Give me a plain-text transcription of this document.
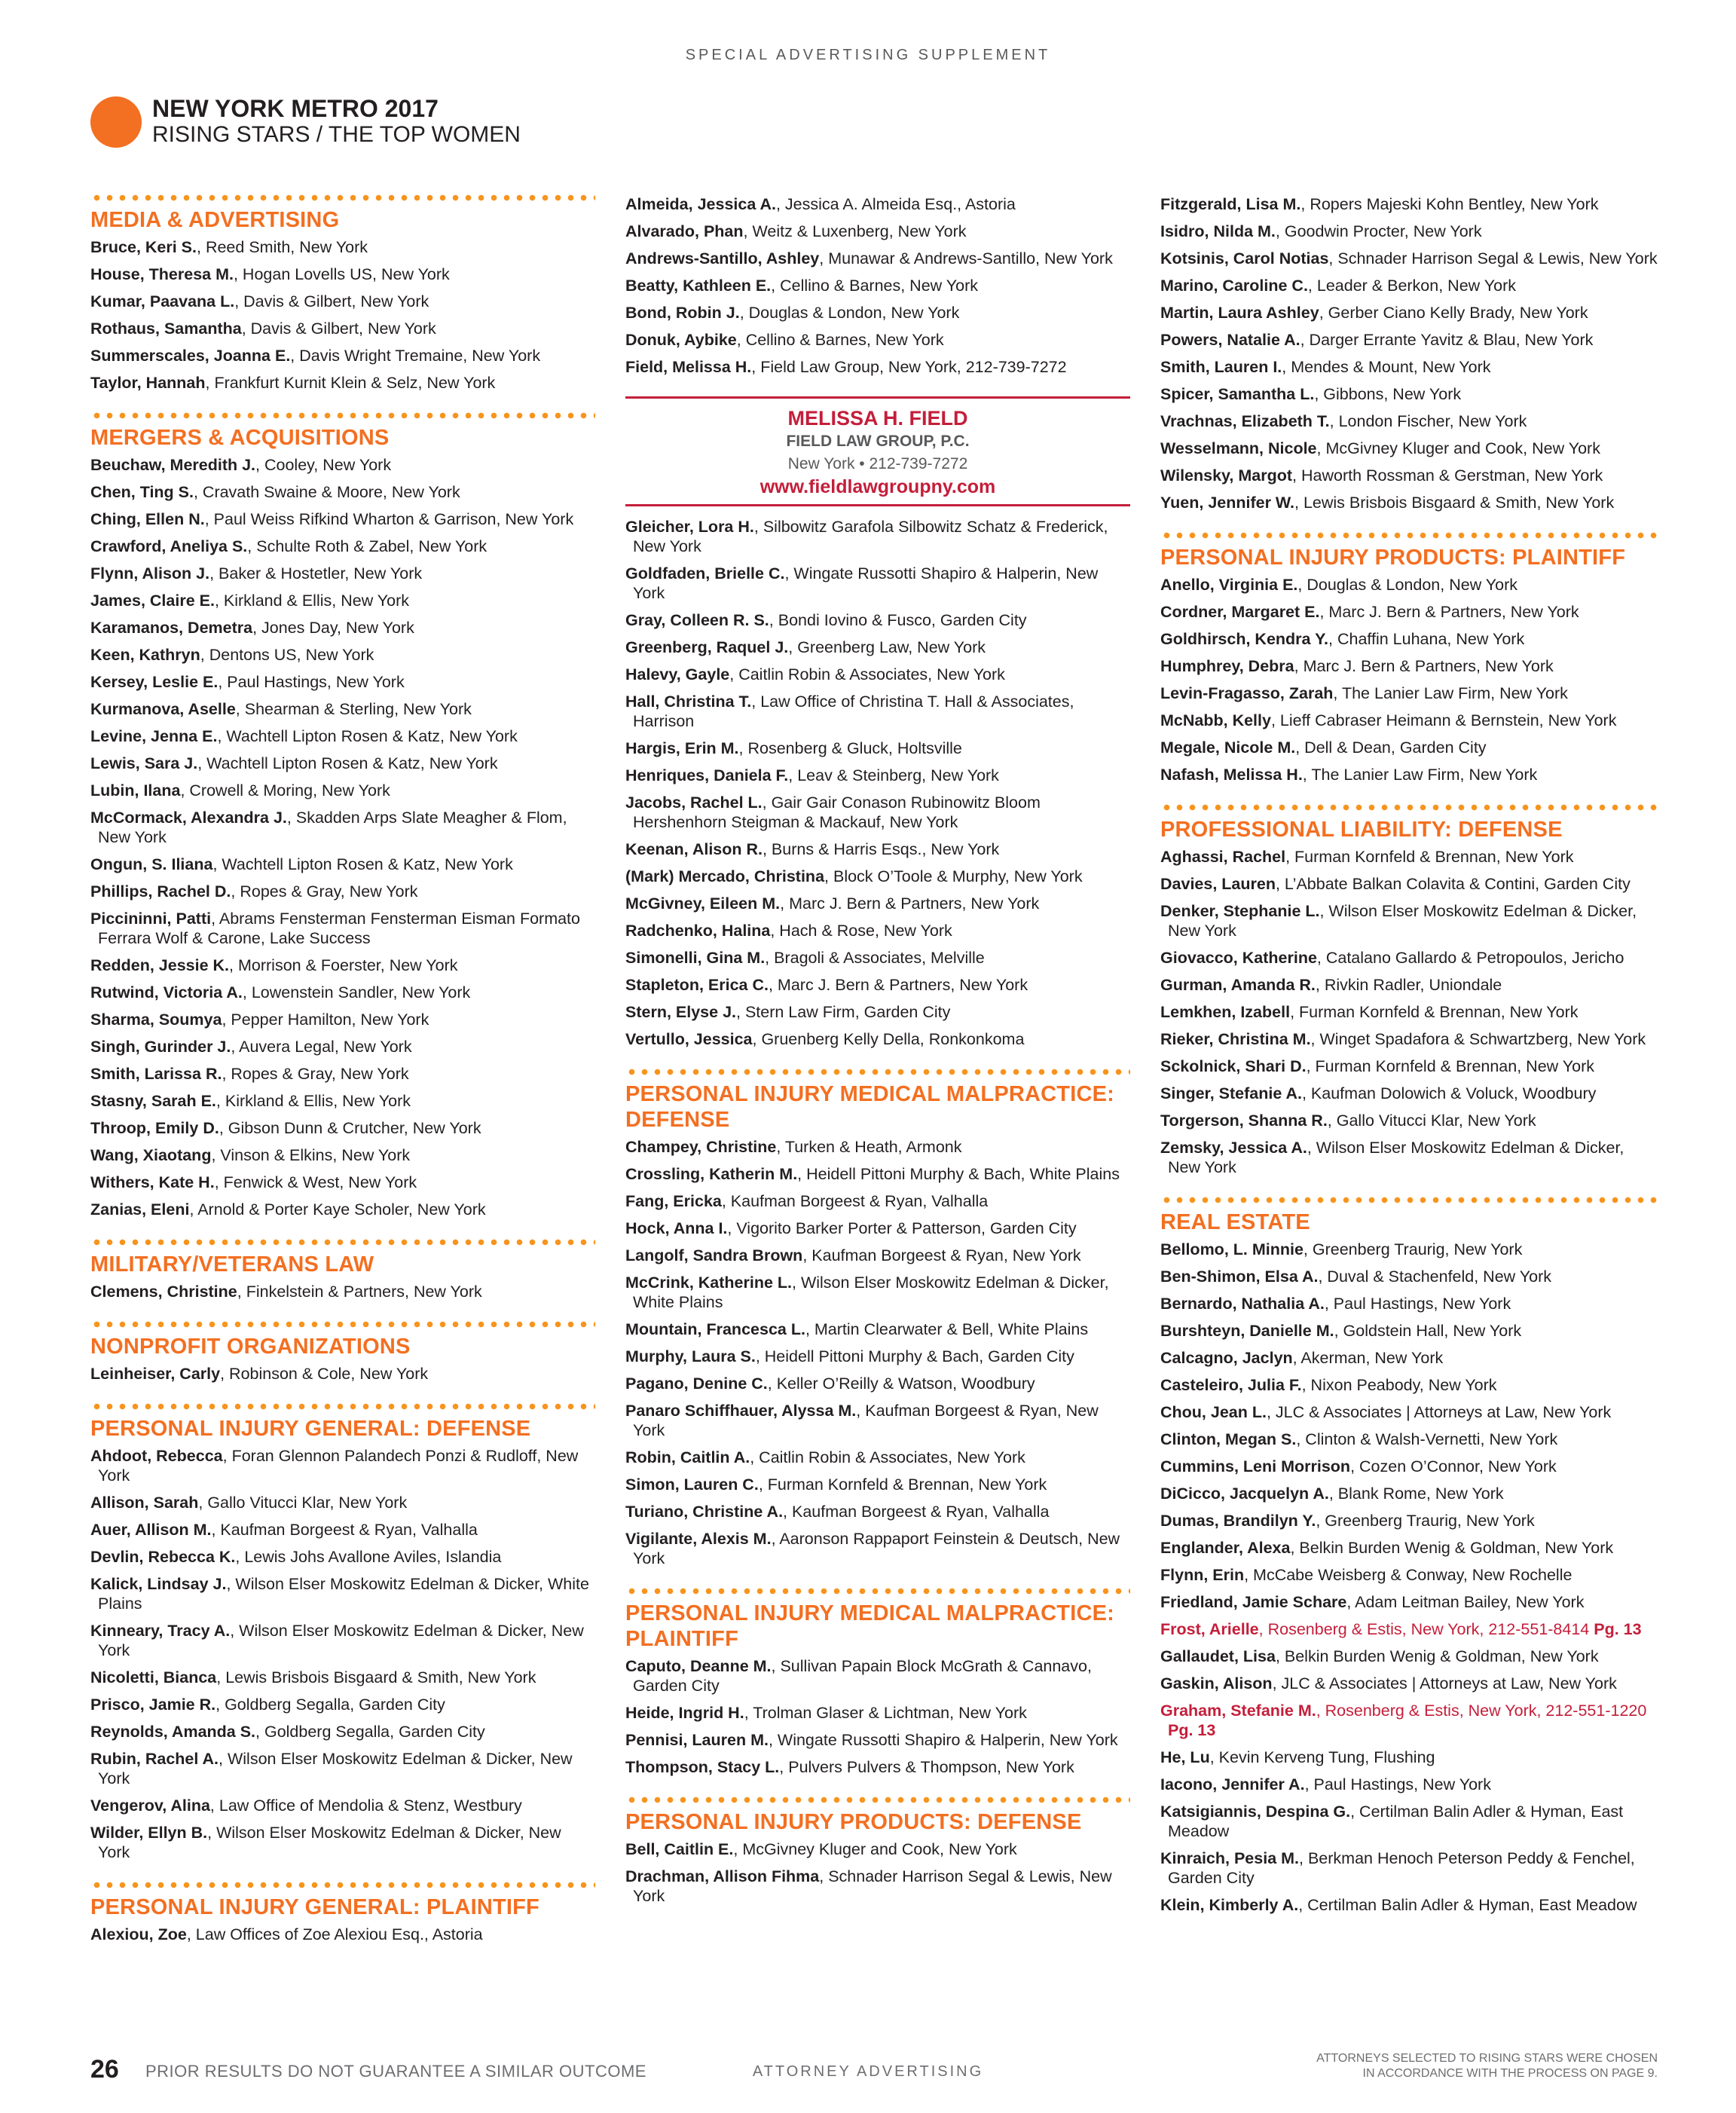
SPECIAL ADVERTISING SUPPLEMENT
NEW YORK METRO 2017
RISING STARS / THE TOP WOMEN
MEDIA & ADVERTISING
Bruce, Keri S., Reed Smith, New York
House, Theresa M., Hogan Lovells US, New York
Kumar, Paavana L., Davis & Gilbert, New York
Rothaus, Samantha, Davis & Gilbert, New York
Summerscales, Joanna E., Davis Wright Tremaine, New York
Taylor, Hannah, Frankfurt Kurnit Klein & Selz, New York
MERGERS & ACQUISITIONS
Beuchaw, Meredith J., Cooley, New York
Chen, Ting S., Cravath Swaine & Moore, New York
Ching, Ellen N., Paul Weiss Rifkind Wharton & Garrison, New York
Crawford, Aneliya S., Schulte Roth & Zabel, New York
Flynn, Alison J., Baker & Hostetler, New York
James, Claire E., Kirkland & Ellis, New York
Karamanos, Demetra, Jones Day, New York
Keen, Kathryn, Dentons US, New York
Kersey, Leslie E., Paul Hastings, New York
Kurmanova, Aselle, Shearman & Sterling, New York
Levine, Jenna E., Wachtell Lipton Rosen & Katz, New York
Lewis, Sara J., Wachtell Lipton Rosen & Katz, New York
Lubin, Ilana, Crowell & Moring, New York
McCormack, Alexandra J., Skadden Arps Slate Meagher & Flom, New York
Ongun, S. Iliana, Wachtell Lipton Rosen & Katz, New York
Phillips, Rachel D., Ropes & Gray, New York
Piccininni, Patti, Abrams Fensterman Fensterman Eisman Formato Ferrara Wolf & Carone, Lake Success
Redden, Jessie K., Morrison & Foerster, New York
Rutwind, Victoria A., Lowenstein Sandler, New York
Sharma, Soumya, Pepper Hamilton, New York
Singh, Gurinder J., Auvera Legal, New York
Smith, Larissa R., Ropes & Gray, New York
Stasny, Sarah E., Kirkland & Ellis, New York
Throop, Emily D., Gibson Dunn & Crutcher, New York
Wang, Xiaotang, Vinson & Elkins, New York
Withers, Kate H., Fenwick & West, New York
Zanias, Eleni, Arnold & Porter Kaye Scholer, New York
MILITARY/VETERANS LAW
Clemens, Christine, Finkelstein & Partners, New York
NONPROFIT ORGANIZATIONS
Leinheiser, Carly, Robinson & Cole, New York
PERSONAL INJURY GENERAL: DEFENSE
Ahdoot, Rebecca, Foran Glennon Palandech Ponzi & Rudloff, New York
Allison, Sarah, Gallo Vitucci Klar, New York
Auer, Allison M., Kaufman Borgeest & Ryan, Valhalla
Devlin, Rebecca K., Lewis Johs Avallone Aviles, Islandia
Kalick, Lindsay J., Wilson Elser Moskowitz Edelman & Dicker, White Plains
Kinneary, Tracy A., Wilson Elser Moskowitz Edelman & Dicker, New York
Nicoletti, Bianca, Lewis Brisbois Bisgaard & Smith, New York
Prisco, Jamie R., Goldberg Segalla, Garden City
Reynolds, Amanda S., Goldberg Segalla, Garden City
Rubin, Rachel A., Wilson Elser Moskowitz Edelman & Dicker, New York
Vengerov, Alina, Law Office of Mendolia & Stenz, Westbury
Wilder, Ellyn B., Wilson Elser Moskowitz Edelman & Dicker, New York
PERSONAL INJURY GENERAL: PLAINTIFF
Alexiou, Zoe, Law Offices of Zoe Alexiou Esq., Astoria
Almeida, Jessica A., Jessica A. Almeida Esq., Astoria
Alvarado, Phan, Weitz & Luxenberg, New York
Andrews-Santillo, Ashley, Munawar & Andrews-Santillo, New York
Beatty, Kathleen E., Cellino & Barnes, New York
Bond, Robin J., Douglas & London, New York
Donuk, Aybike, Cellino & Barnes, New York
Field, Melissa H., Field Law Group, New York, 212-739-7272
MELISSA H. FIELD
FIELD LAW GROUP, P.C.
New York • 212-739-7272
www.fieldlawgroupny.com
Gleicher, Lora H., Silbowitz Garafola Silbowitz Schatz & Frederick, New York
Goldfaden, Brielle C., Wingate Russotti Shapiro & Halperin, New York
Gray, Colleen R. S., Bondi Iovino & Fusco, Garden City
Greenberg, Raquel J., Greenberg Law, New York
Halevy, Gayle, Caitlin Robin & Associates, New York
Hall, Christina T., Law Office of Christina T. Hall & Associates, Harrison
Hargis, Erin M., Rosenberg & Gluck, Holtsville
Henriques, Daniela F., Leav & Steinberg, New York
Jacobs, Rachel L., Gair Gair Conason Rubinowitz Bloom Hershenhorn Steigman & Mackauf, New York
Keenan, Alison R., Burns & Harris Esqs., New York
(Mark) Mercado, Christina, Block O’Toole & Murphy, New York
McGivney, Eileen M., Marc J. Bern & Partners, New York
Radchenko, Halina, Hach & Rose, New York
Simonelli, Gina M., Bragoli & Associates, Melville
Stapleton, Erica C., Marc J. Bern & Partners, New York
Stern, Elyse J., Stern Law Firm, Garden City
Vertullo, Jessica, Gruenberg Kelly Della, Ronkonkoma
PERSONAL INJURY MEDICAL MALPRACTICE: DEFENSE
Champey, Christine, Turken & Heath, Armonk
Crossling, Katherin M., Heidell Pittoni Murphy & Bach, White Plains
Fang, Ericka, Kaufman Borgeest & Ryan, Valhalla
Hock, Anna I., Vigorito Barker Porter & Patterson, Garden City
Langolf, Sandra Brown, Kaufman Borgeest & Ryan, New York
McCrink, Katherine L., Wilson Elser Moskowitz Edelman & Dicker, White Plains
Mountain, Francesca L., Martin Clearwater & Bell, White Plains
Murphy, Laura S., Heidell Pittoni Murphy & Bach, Garden City
Pagano, Denine C., Keller O’Reilly & Watson, Woodbury
Panaro Schiffhauer, Alyssa M., Kaufman Borgeest & Ryan, New York
Robin, Caitlin A., Caitlin Robin & Associates, New York
Simon, Lauren C., Furman Kornfeld & Brennan, New York
Turiano, Christine A., Kaufman Borgeest & Ryan, Valhalla
Vigilante, Alexis M., Aaronson Rappaport Feinstein & Deutsch, New York
PERSONAL INJURY MEDICAL MALPRACTICE: PLAINTIFF
Caputo, Deanne M., Sullivan Papain Block McGrath & Cannavo, Garden City
Heide, Ingrid H., Trolman Glaser & Lichtman, New York
Pennisi, Lauren M., Wingate Russotti Shapiro & Halperin, New York
Thompson, Stacy L., Pulvers Pulvers & Thompson, New York
PERSONAL INJURY PRODUCTS: DEFENSE
Bell, Caitlin E., McGivney Kluger and Cook, New York
Drachman, Allison Fihma, Schnader Harrison Segal & Lewis, New York
Fitzgerald, Lisa M., Ropers Majeski Kohn Bentley, New York
Isidro, Nilda M., Goodwin Procter, New York
Kotsinis, Carol Notias, Schnader Harrison Segal & Lewis, New York
Marino, Caroline C., Leader & Berkon, New York
Martin, Laura Ashley, Gerber Ciano Kelly Brady, New York
Powers, Natalie A., Darger Errante Yavitz & Blau, New York
Smith, Lauren I., Mendes & Mount, New York
Spicer, Samantha L., Gibbons, New York
Vrachnas, Elizabeth T., London Fischer, New York
Wesselmann, Nicole, McGivney Kluger and Cook, New York
Wilensky, Margot, Haworth Rossman & Gerstman, New York
Yuen, Jennifer W., Lewis Brisbois Bisgaard & Smith, New York
PERSONAL INJURY PRODUCTS: PLAINTIFF
Anello, Virginia E., Douglas & London, New York
Cordner, Margaret E., Marc J. Bern & Partners, New York
Goldhirsch, Kendra Y., Chaffin Luhana, New York
Humphrey, Debra, Marc J. Bern & Partners, New York
Levin-Fragasso, Zarah, The Lanier Law Firm, New York
McNabb, Kelly, Lieff Cabraser Heimann & Bernstein, New York
Megale, Nicole M., Dell & Dean, Garden City
Nafash, Melissa H., The Lanier Law Firm, New York
PROFESSIONAL LIABILITY: DEFENSE
Aghassi, Rachel, Furman Kornfeld & Brennan, New York
Davies, Lauren, L’Abbate Balkan Colavita & Contini, Garden City
Denker, Stephanie L., Wilson Elser Moskowitz Edelman & Dicker, New York
Giovacco, Katherine, Catalano Gallardo & Petropoulos, Jericho
Gurman, Amanda R., Rivkin Radler, Uniondale
Lemkhen, Izabell, Furman Kornfeld & Brennan, New York
Rieker, Christina M., Winget Spadafora & Schwartzberg, New York
Sckolnick, Shari D., Furman Kornfeld & Brennan, New York
Singer, Stefanie A., Kaufman Dolowich & Voluck, Woodbury
Torgerson, Shanna R., Gallo Vitucci Klar, New York
Zemsky, Jessica A., Wilson Elser Moskowitz Edelman & Dicker, New York
REAL ESTATE
Bellomo, L. Minnie, Greenberg Traurig, New York
Ben-Shimon, Elsa A., Duval & Stachenfeld, New York
Bernardo, Nathalia A., Paul Hastings, New York
Burshteyn, Danielle M., Goldstein Hall, New York
Calcagno, Jaclyn, Akerman, New York
Casteleiro, Julia F., Nixon Peabody, New York
Chou, Jean L., JLC & Associates | Attorneys at Law, New York
Clinton, Megan S., Clinton & Walsh-Vernetti, New York
Cummins, Leni Morrison, Cozen O’Connor, New York
DiCicco, Jacquelyn A., Blank Rome, New York
Dumas, Brandilyn Y., Greenberg Traurig, New York
Englander, Alexa, Belkin Burden Wenig & Goldman, New York
Flynn, Erin, McCabe Weisberg & Conway, New Rochelle
Friedland, Jamie Schare, Adam Leitman Bailey, New York
Frost, Arielle, Rosenberg & Estis, New York, 212-551-8414 Pg. 13
Gallaudet, Lisa, Belkin Burden Wenig & Goldman, New York
Gaskin, Alison, JLC & Associates | Attorneys at Law, New York
Graham, Stefanie M., Rosenberg & Estis, New York, 212-551-1220 Pg. 13
He, Lu, Kevin Kerveng Tung, Flushing
Iacono, Jennifer A., Paul Hastings, New York
Katsigiannis, Despina G., Certilman Balin Adler & Hyman, East Meadow
Kinraich, Pesia M., Berkman Henoch Peterson Peddy & Fenchel, Garden City
Klein, Kimberly A., Certilman Balin Adler & Hyman, East Meadow
26 PRIOR RESULTS DO NOT GUARANTEE A SIMILAR OUTCOME	ATTORNEY ADVERTISING
ATTORNEYS SELECTED TO RISING STARS WERE CHOSEN
IN ACCORDANCE WITH THE PROCESS ON PAGE 9.
